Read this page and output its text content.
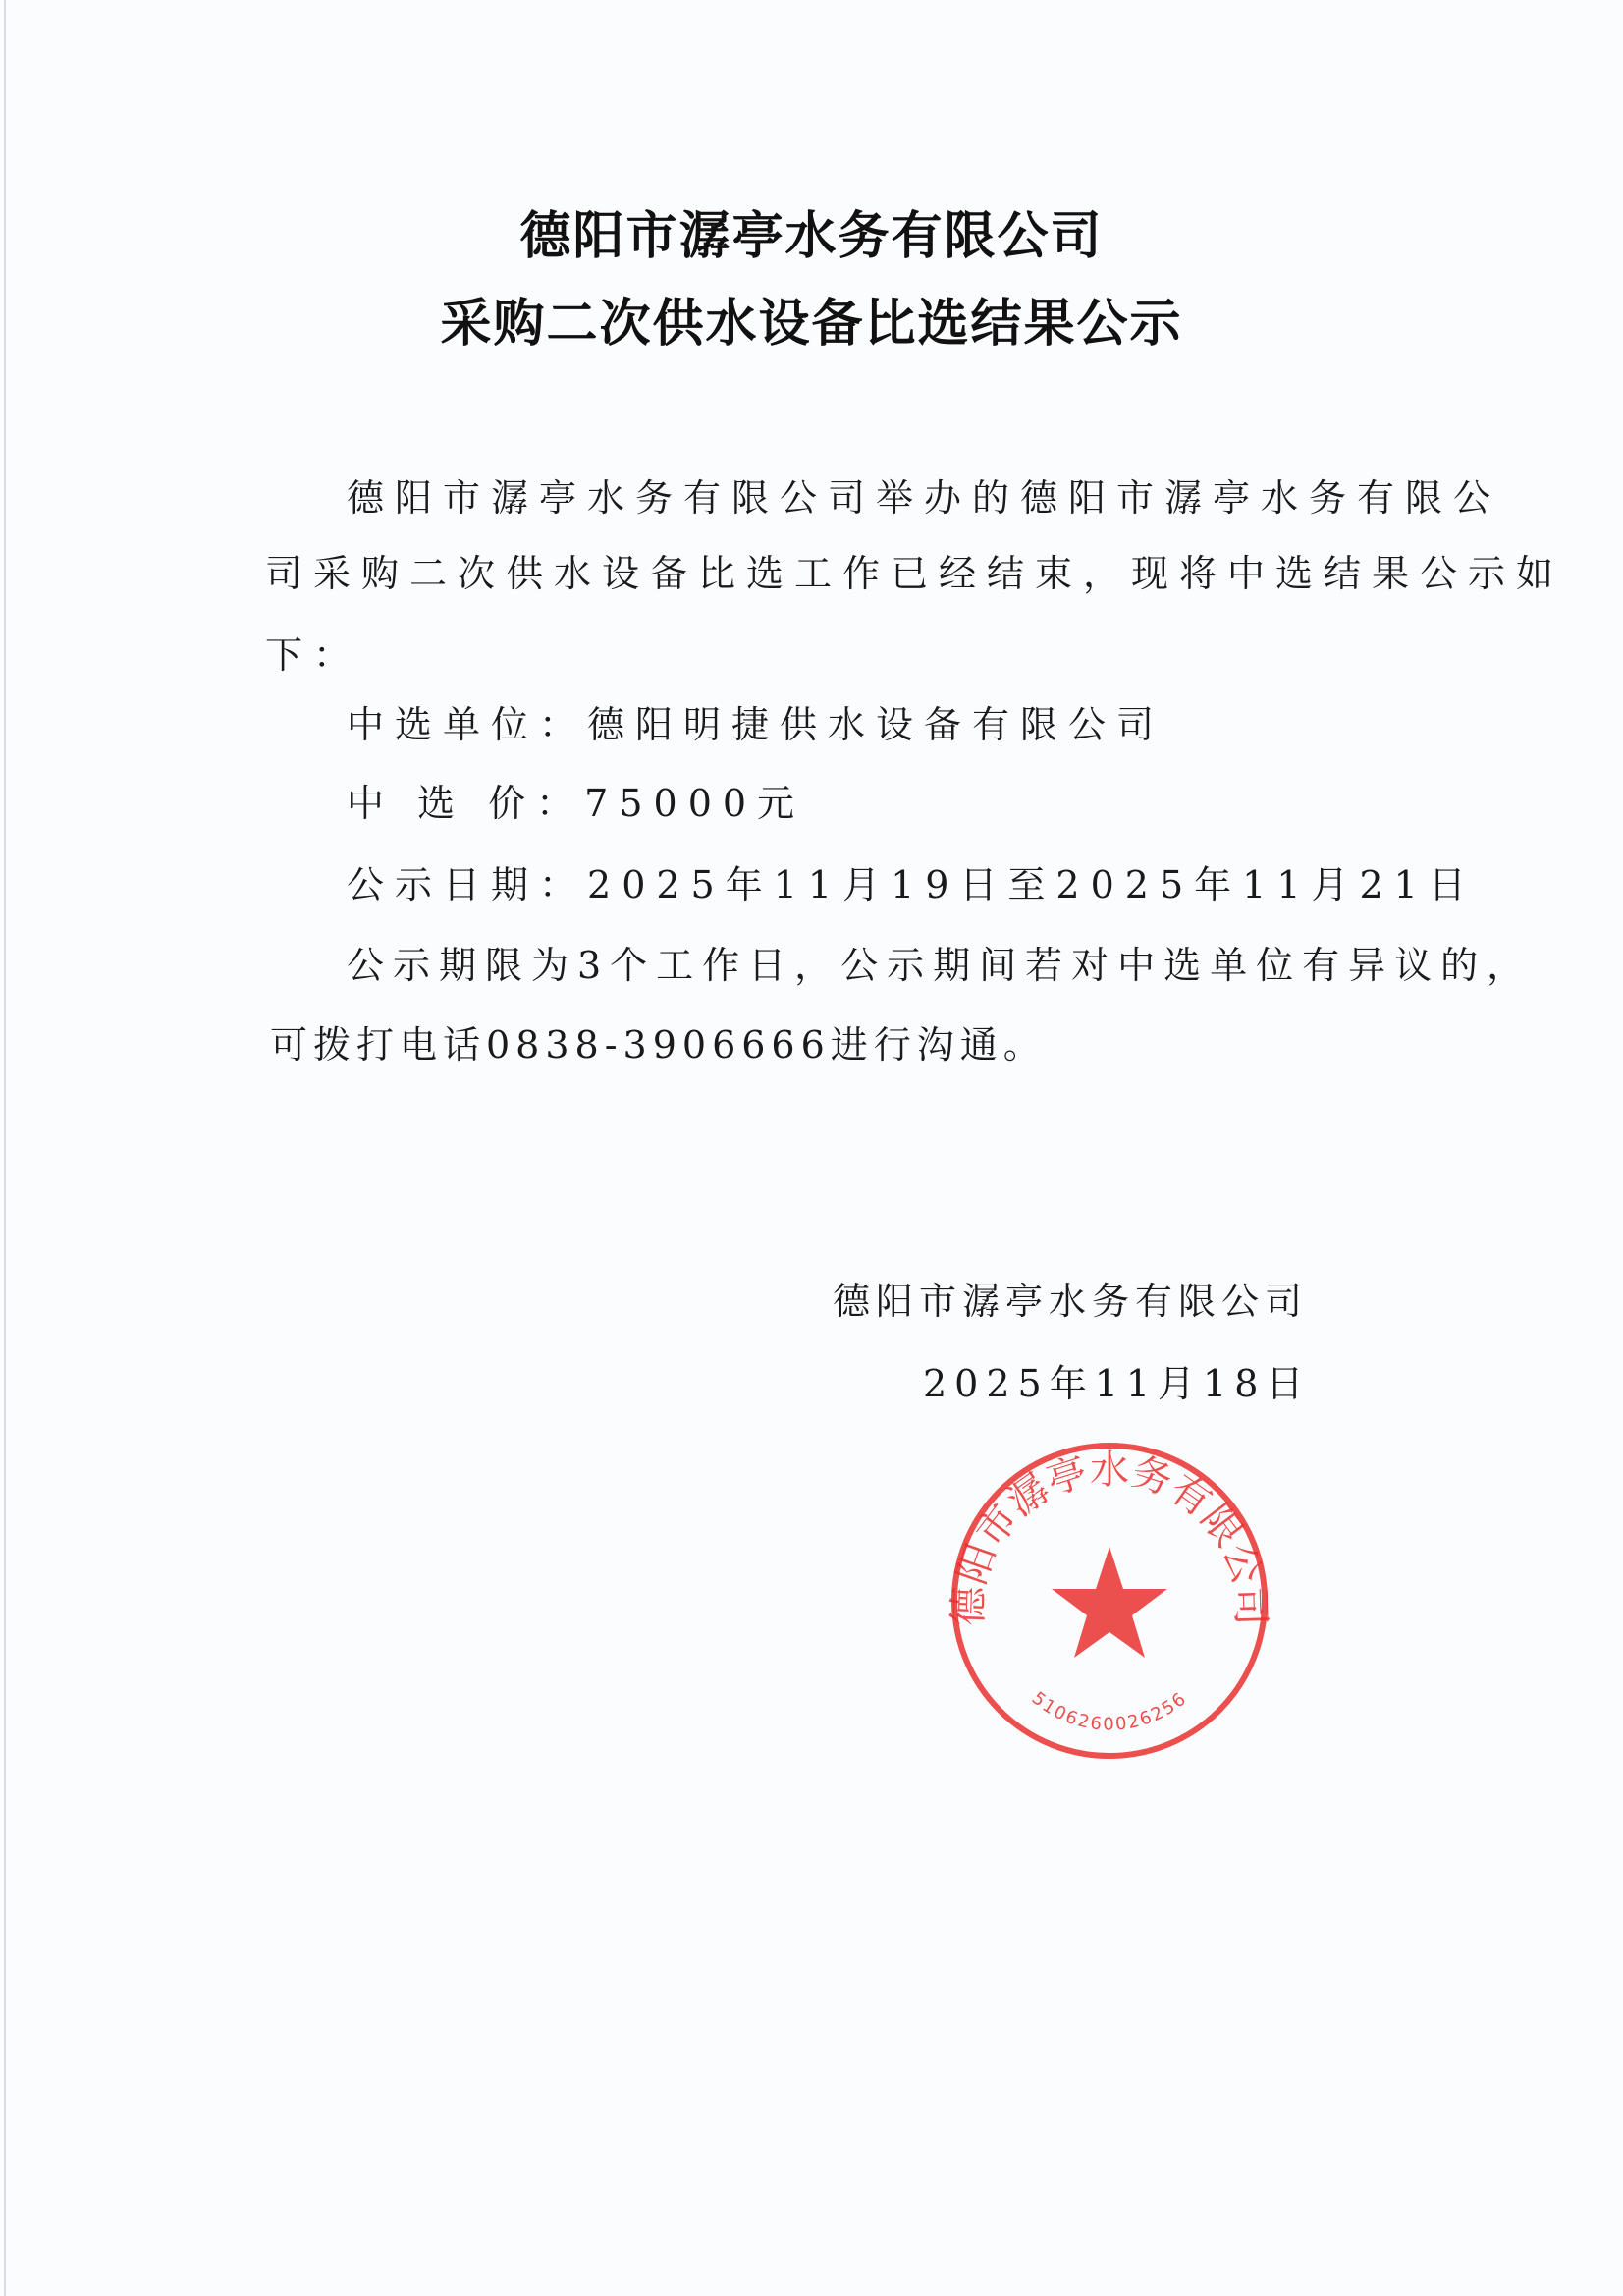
德阳市潺亭水务有限公司
采购二次供水设备比选结果公示
德阳市潺亭水务有限公司举办的德阳市潺亭水务有限公
司采购二次供水设备比选工作已经结束，现将中选结果公示如
下：
中选单位：德阳明捷供水设备有限公司
中 选 价：75000元
公示日期：2025年11月19日至2025年11月21日
公示期限为3个工作日，公示期间若对中选单位有异议的，
可拨打电话0838-3906666进行沟通。
德阳市潺亭水务有限公司
2025年11月18日
德阳市潺亭水务有限公司
5106260026256
